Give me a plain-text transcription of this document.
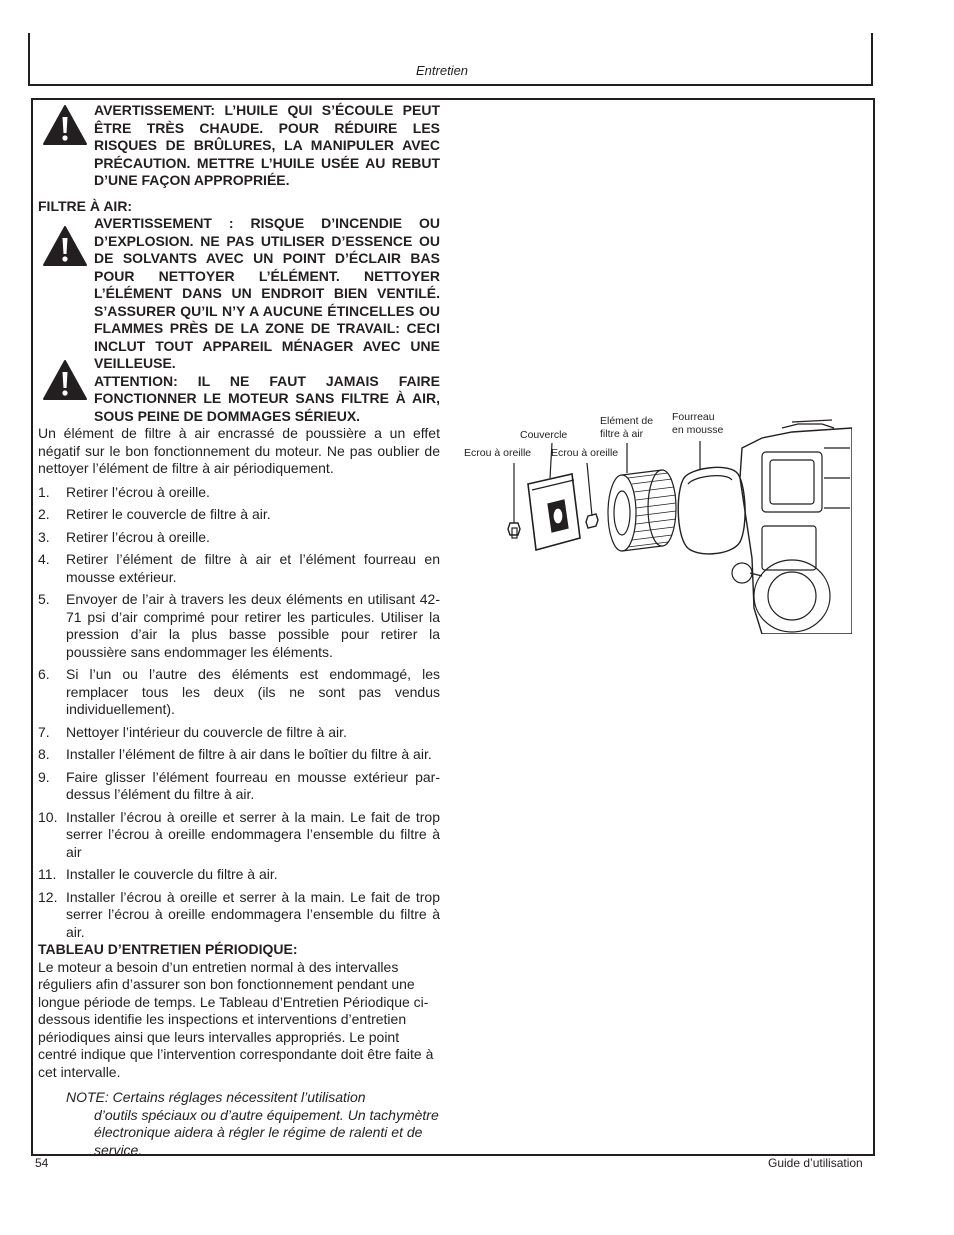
Entretien

AVERTISSEMENT: L’HUILE QUI S’ÉCOULE PEUT ÊTRE TRÈS CHAUDE. POUR RÉDUIRE LES RISQUES DE BRÛLURES, LA MANIPULER AVEC PRÉCAUTION. METTRE L’HUILE USÉE AU REBUT D’UNE FAÇON APPROPRIÉE.

FILTRE À AIR:

AVERTISSEMENT : RISQUE D’INCENDIE OU D’EXPLOSION. NE PAS UTILISER D’ESSENCE OU DE SOLVANTS AVEC UN POINT D’ÉCLAIR BAS POUR NETTOYER L’ÉLÉMENT. NETTOYER L’ÉLÉMENT DANS UN ENDROIT BIEN VENTILÉ. S’ASSURER QU’IL N’Y A AUCUNE ÉTINCELLES OU FLAMMES PRÈS DE LA ZONE DE TRAVAIL: CECI INCLUT TOUT APPAREIL MÉNAGER AVEC UNE VEILLEUSE.

ATTENTION: IL NE FAUT JAMAIS FAIRE FONCTIONNER LE MOTEUR SANS FILTRE À AIR, SOUS PEINE DE DOMMAGES SÉRIEUX.

Un élément de filtre à air encrassé de poussière a un effet négatif sur le bon fonctionnement du moteur. Ne pas oublier de nettoyer l’élément de filtre à air périodiquement.

1. Retirer l’écrou à oreille.
2. Retirer le couvercle de filtre à air.
3. Retirer l’écrou à oreille.
4. Retirer l’élément de filtre à air et l’élément fourreau en mousse extérieur.
5. Envoyer de l’air à travers les deux éléments en utilisant 42-71 psi d’air comprimé pour retirer les particules. Utiliser la pression d’air la plus basse possible pour retirer la poussière sans endommager les éléments.
6. Si l’un ou l’autre des éléments est endommagé, les remplacer tous les deux (ils ne sont pas vendus individuellement).
7. Nettoyer l’intérieur du couvercle de filtre à air.
8. Installer l’élément de filtre à air dans le boîtier du filtre à air.
9. Faire glisser l’élément fourreau en mousse extérieur par-dessus l’élément du filtre à air.
10. Installer l’écrou à oreille et serrer à la main. Le fait de trop serrer l’écrou à oreille endommagera l’ensemble du filtre à air
11. Installer le couvercle du filtre à air.
12. Installer l’écrou à oreille et serrer à la main. Le fait de trop serrer l’écrou à oreille endommagera l’ensemble du filtre à air.
TABLEAU D’ENTRETIEN PÉRIODIQUE:

Le moteur a besoin d’un entretien normal à des intervalles réguliers afin d’assurer son bon fonctionnement pendant une longue période de temps. Le Tableau d’Entretien Périodique ci-dessous identifie les inspections et interventions d’entretien périodiques ainsi que leurs intervalles appropriés. Le point centré indique que l’intervention correspondante doit être faite à cet intervalle.

NOTE: Certains réglages nécessitent l’utilisation
d’outils spéciaux ou d’autre équipement. Un tachymètre électronique aidera à régler le régime de ralenti et de service.
Ecrou à oreille
Couvercle
Ecrou à oreille
Elément de
filtre à air
Fourreau
en mousse
54	Guide d’utilisation
